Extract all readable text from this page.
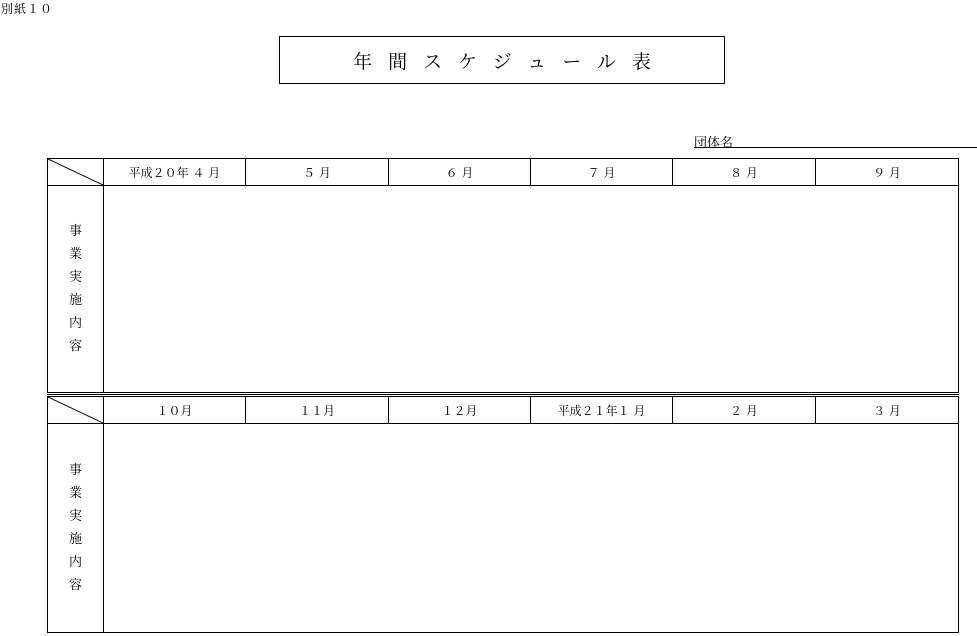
別紙１０
年間スケジュール表
団体名
	平成２０年 ４ 月	５ 月	６ 月	７ 月	８ 月	９ 月
事業実施内容						
	１０月	１１月	１２月	平成２１年１ 月	２ 月	３ 月
事業実施内容						
